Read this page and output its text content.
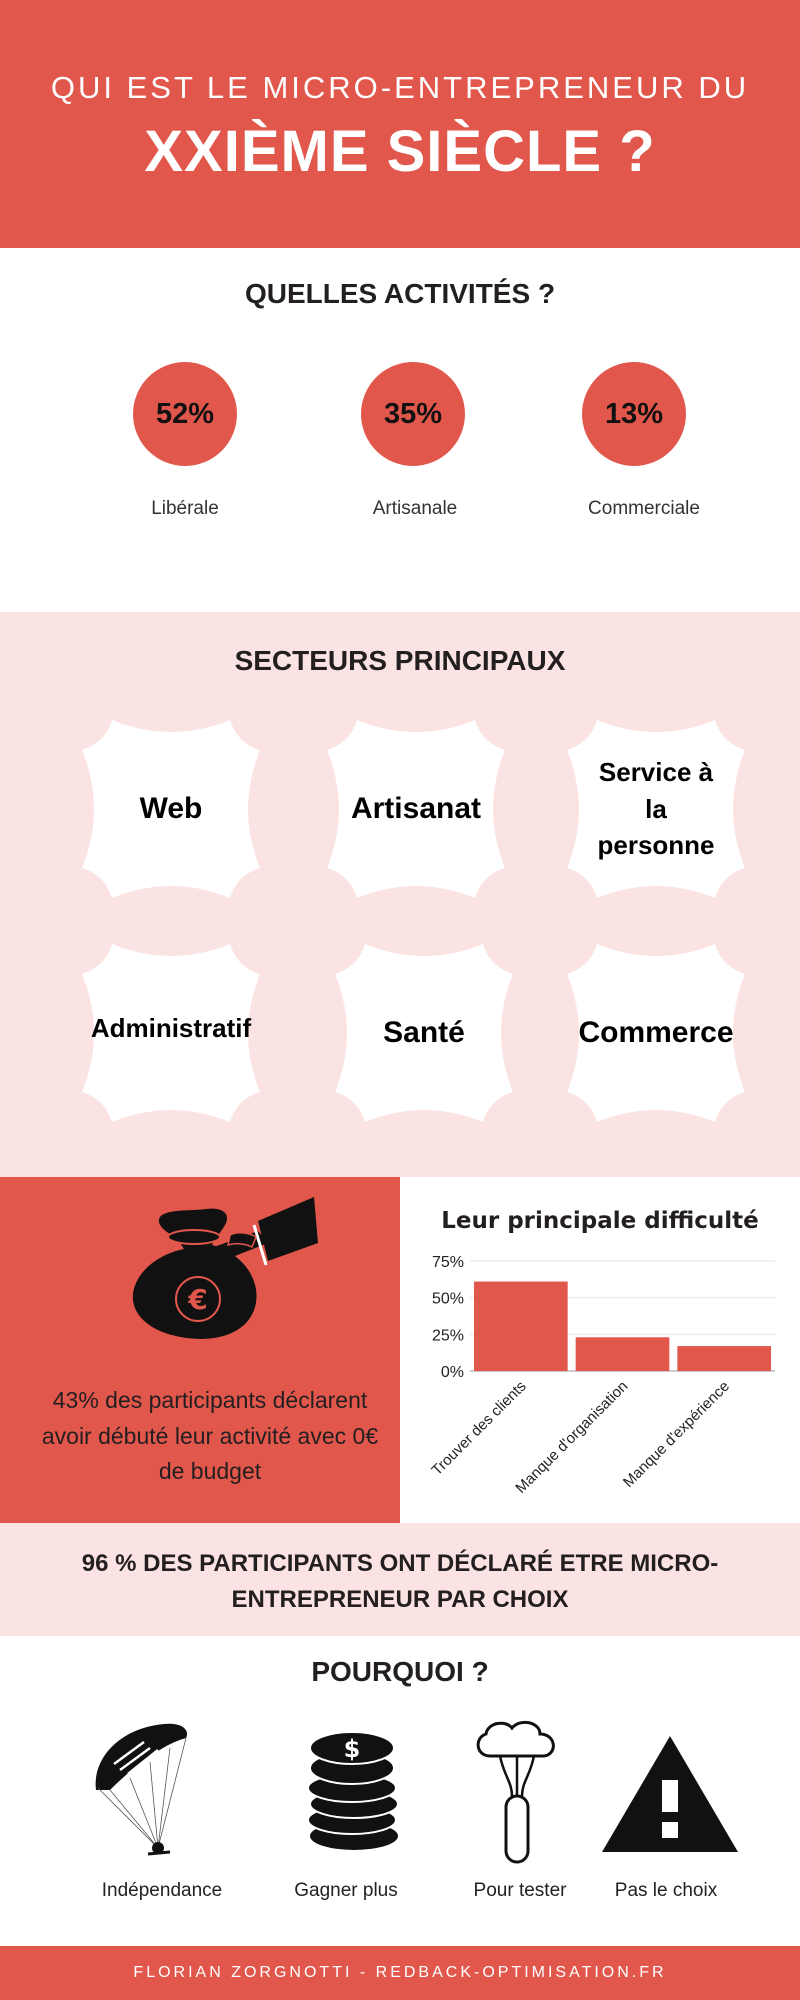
QUI EST LE MICRO-ENTREPRENEUR DU
XXIÈME SIÈCLE ?
QUELLES ACTIVITÉS ?
52%
Libérale
35%
Artisanale
13%
Commerciale
SECTEURS PRINCIPAUX
Web	Artisanat
Service à la personne
Administratif	Santé	Commerce
€
43% des participants déclarent avoir débuté leur activité avec 0€ de budget
Leur principale difficulté
0%
25%
50%
75%
Trouver des clients
Manque d'organisation
Manque d'expérience
96 % DES PARTICIPANTS ONT DÉCLARÉ ETRE MICRO-ENTREPRENEUR PAR CHOIX
POURQUOI ?
Indépendance
$
Gagner plus	Pour tester	Pas le choix
FLORIAN ZORGNOTTI - REDBACK-OPTIMISATION.FR
